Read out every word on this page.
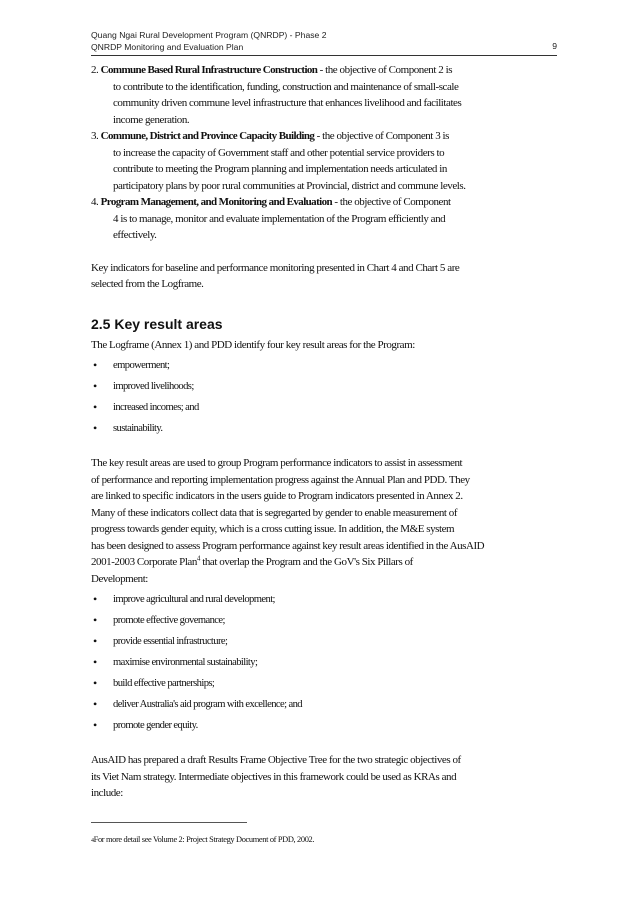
Quang Ngai Rural Development Program (QNRDP) - Phase 2
QNRDP Monitoring and Evaluation Plan	9
2. Commune Based Rural Infrastructure Construction - the objective of Component 2 is
to contribute to the identification, funding, construction and maintenance of small-scale
community driven commune level infrastructure that enhances livelihood and facilitates
income generation.
3. Commune, District and Province Capacity Building - the objective of Component 3 is
to increase the capacity of Government staff and other potential service providers to
contribute to meeting the Program planning and implementation needs articulated in
participatory plans by poor rural communities at Provincial, district and commune levels.
4. Program Management, and Monitoring and Evaluation - the objective of Component
4 is to manage, monitor and evaluate implementation of the Program efficiently and
effectively.

Key indicators for baseline and performance monitoring presented in Chart 4 and Chart 5 are
selected from the Logframe.

2.5 Key result areas

The Logframe (Annex 1) and PDD identify four key result areas for the Program:

• empowerment;
• improved livelihoods;
• increased incomes; and
• sustainability.

The key result areas are used to group Program performance indicators to assist in assessment
of performance and reporting implementation progress against the Annual Plan and PDD. They
are linked to specific indicators in the users guide to Program indicators presented in Annex 2.
Many of these indicators collect data that is segregarted by gender to enable measurement of
progress towards gender equity, which is a cross cutting issue. In addition, the M&E system
has been designed to assess Program performance against key result areas identified in the AusAID
2001-2003 Corporate Plan$^4$ that overlap the Program and the GoV's Six Pillars of
Development:

• improve agricultural and rural development;
• promote effective governance;
• provide essential infrastructure;
• maximise environmental sustainability;
• build effective partnerships;
• deliver Australia's aid program with excellence; and
• promote gender equity.

AusAID has prepared a draft Results Frame Objective Tree for the two strategic objectives of
its Viet Nam strategy. Intermediate objectives in this framework could be used as KRAs and
include:

4For more detail see Volume 2: Project Strategy Document of PDD, 2002.
